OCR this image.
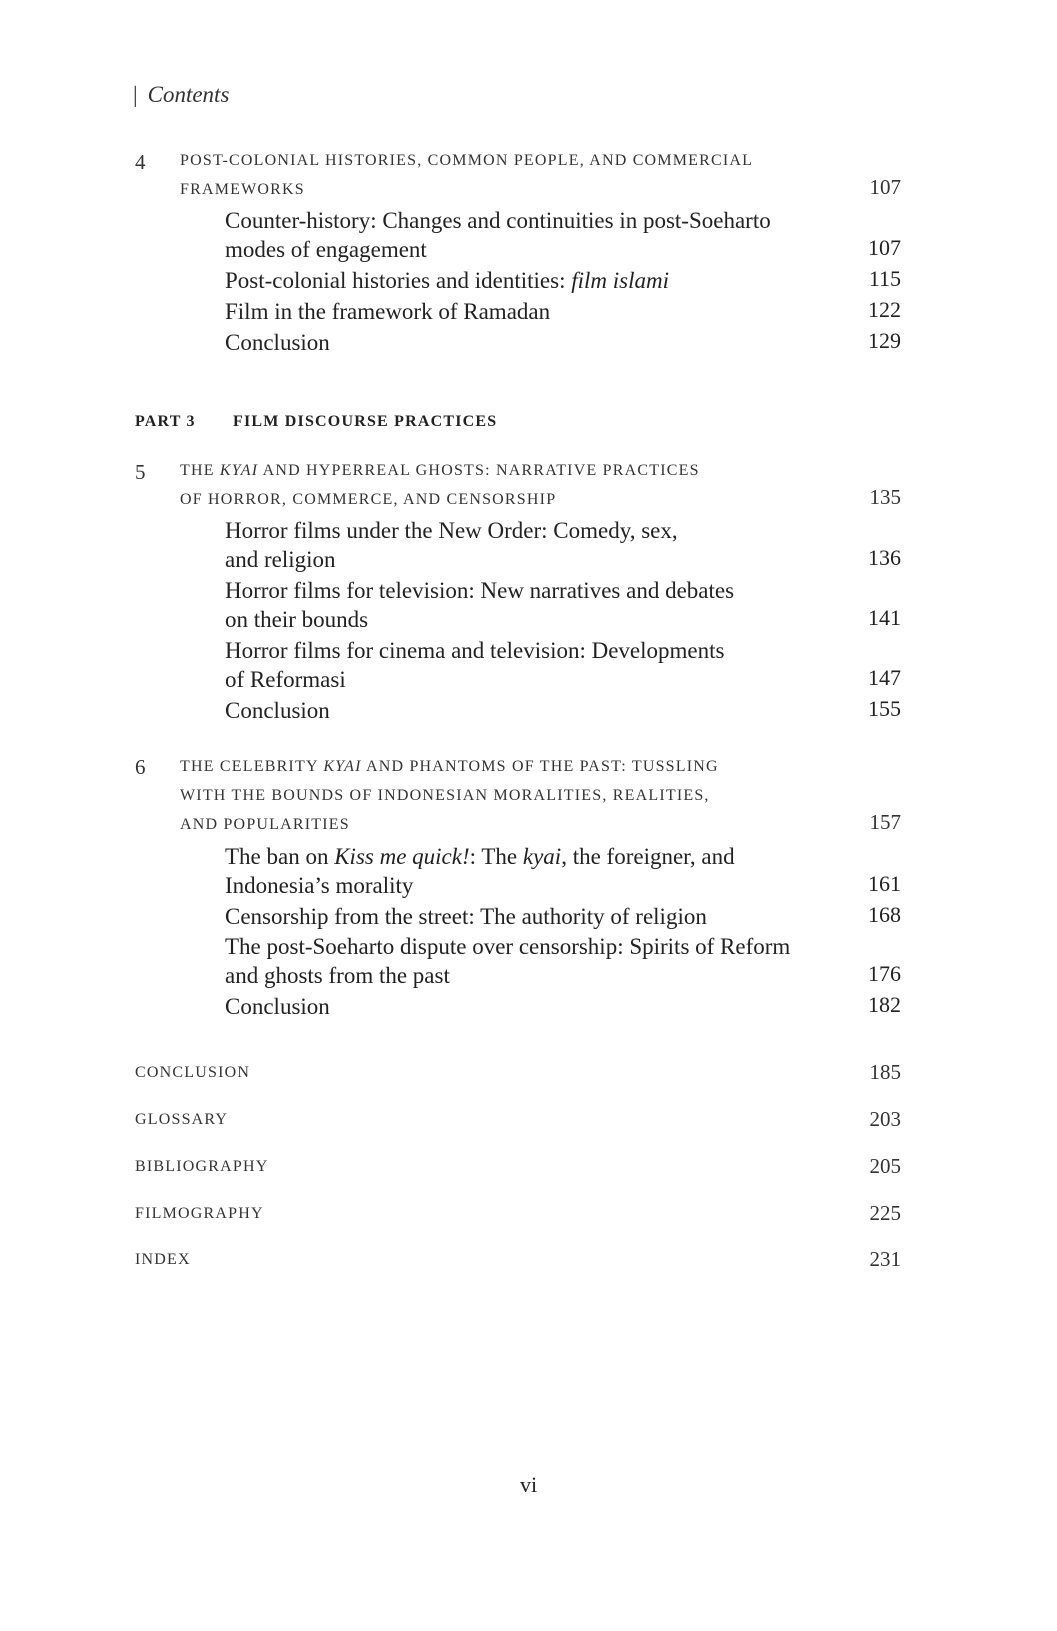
| Contents
4 POST-COLONIAL HISTORIES, COMMON PEOPLE, AND COMMERCIAL
FRAMEWORKS	107
Counter-history: Changes and continuities in post-Soeharto
modes of engagement	107
Post-colonial histories and identities: film islami	115
Film in the framework of Ramadan	122
Conclusion	129
PART 3 FILM DISCOURSE PRACTICES
5 THE KYAI AND HYPERREAL GHOSTS: NARRATIVE PRACTICES
OF HORROR, COMMERCE, AND CENSORSHIP	135
Horror films under the New Order: Comedy, sex,
and religion	136
Horror films for television: New narratives and debates
on their bounds	141
Horror films for cinema and television: Developments
of Reformasi	147
Conclusion	155
6 THE CELEBRITY KYAI AND PHANTOMS OF THE PAST: TUSSLING
WITH THE BOUNDS OF INDONESIAN MORALITIES, REALITIES,
AND POPULARITIES	157
The ban on Kiss me quick!: The kyai, the foreigner, and
Indonesia’s morality	161
Censorship from the street: The authority of religion	168
The post-Soeharto dispute over censorship: Spirits of Reform
and ghosts from the past	176
Conclusion	182
CONCLUSION	185
GLOSSARY	203
BIBLIOGRAPHY	205
FILMOGRAPHY	225
INDEX	231
vi
